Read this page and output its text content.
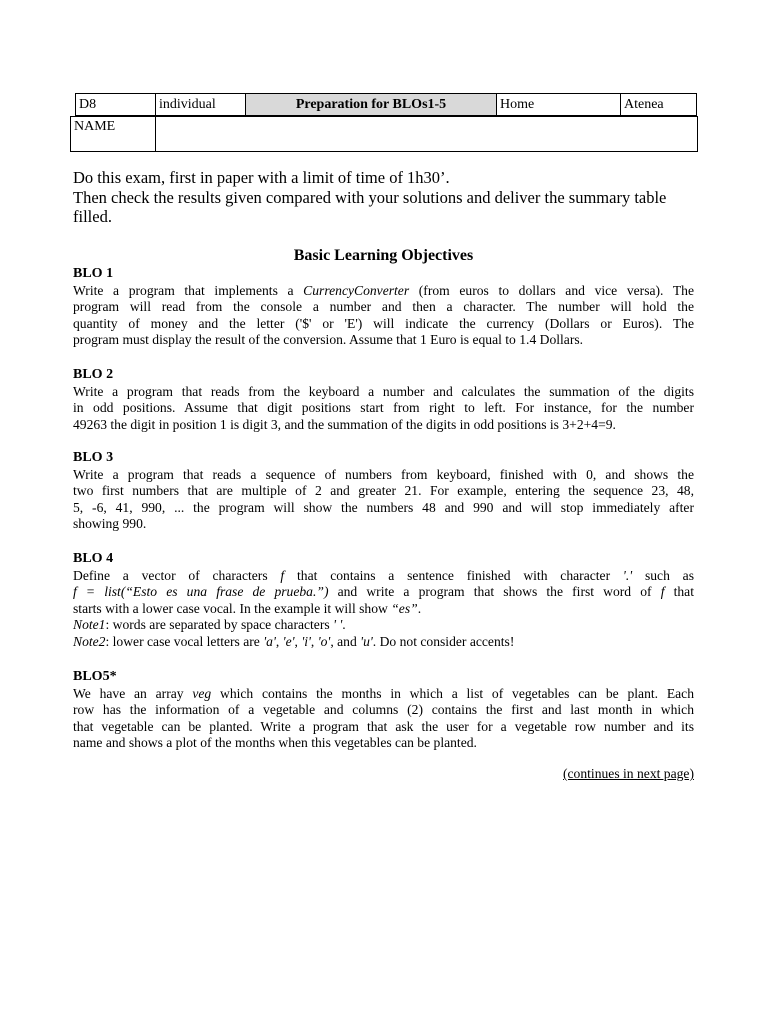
D8	individual	Preparation for BLOs1-5	Home	Atenea
NAME

Do this exam, first in paper with a limit of time of 1h30’.

Then check the results given compared with your solutions and deliver the summary table filled.

Basic Learning Objectives
BLO 1
Write a program that implements a CurrencyConverter (from euros to dollars and vice versa). The
program will read from the console a number and then a character. The number will hold the
quantity of money and the letter ('$' or 'E') will indicate the currency (Dollars or Euros). The
program must display the result of the conversion. Assume that 1 Euro is equal to 1.4 Dollars.
BLO 2
Write a program that reads from the keyboard a number and calculates the summation of the digits
in odd positions. Assume that digit positions start from right to left. For instance, for the number
49263 the digit in position 1 is digit 3, and the summation of the digits in odd positions is 3+2+4=9.
BLO 3
Write a program that reads a sequence of numbers from keyboard, finished with 0, and shows the
two first numbers that are multiple of 2 and greater 21. For example, entering the sequence 23, 48,
5, -6, 41, 990, ... the program will show the numbers 48 and 990 and will stop immediately after
showing 990.
BLO 4
Define a vector of characters f that contains a sentence finished with character '.' such as
f = list(“Esto es una frase de prueba.”) and write a program that shows the first word of f that
starts with a lower case vocal. In the example it will show “es”.
Note1: words are separated by space characters ' '.
Note2: lower case vocal letters are 'a', 'e', 'i', 'o', and 'u'. Do not consider accents!
BLO5*
We have an array veg which contains the months in which a list of vegetables can be plant. Each
row has the information of a vegetable and columns (2) contains the first and last month in which
that vegetable can be planted. Write a program that ask the user for a vegetable row number and its
name and shows a plot of the months when this vegetables can be planted.
(continues in next page)
